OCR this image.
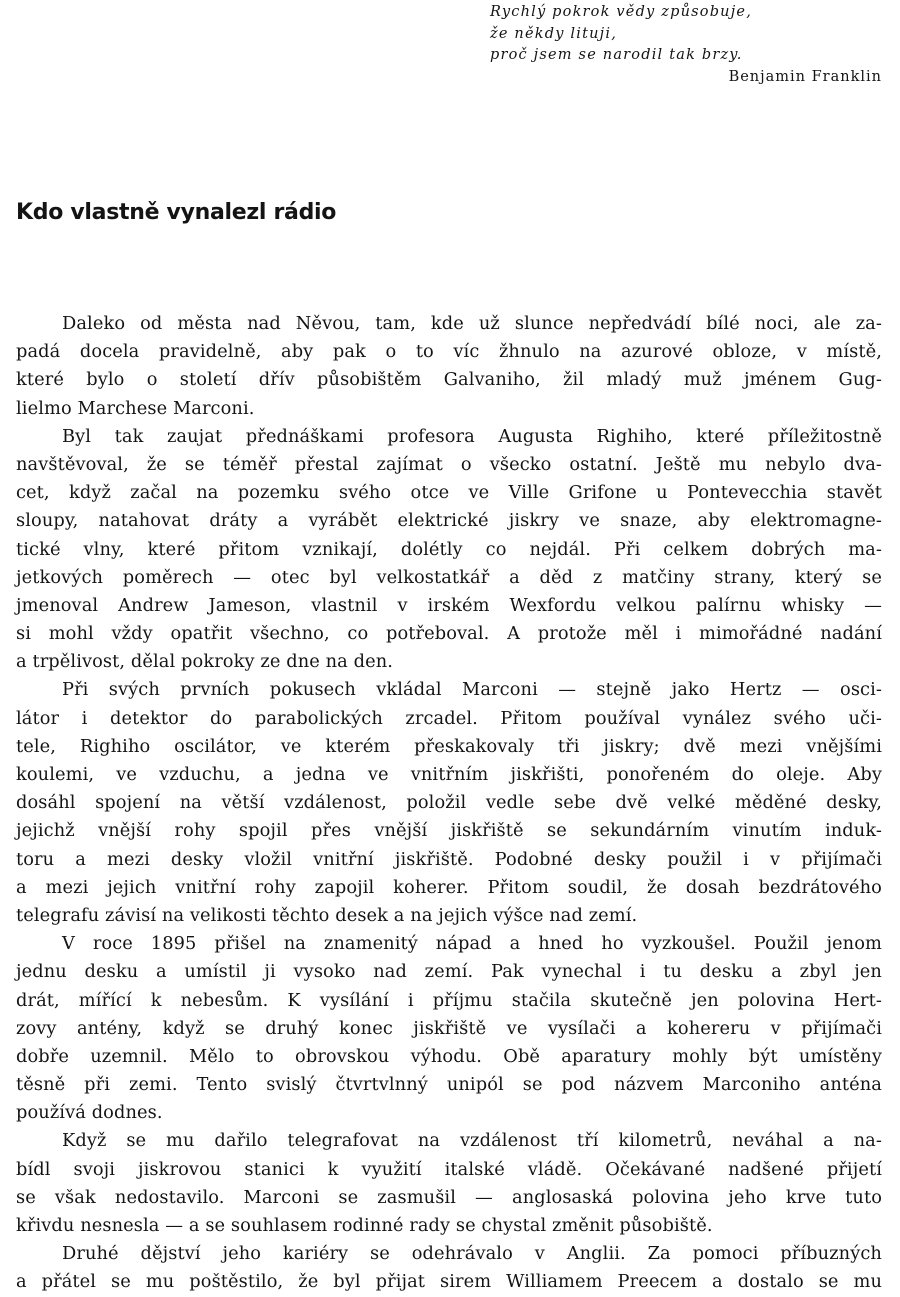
Rychlý pokrok vědy způsobuje,
že někdy lituji,
proč jsem se narodil tak brzy.
Benjamin Franklin
Kdo vlastně vynalezl rádio
Daleko od města nad Něvou, tam, kde už slunce nepředvádí bílé noci, ale za-
padá docela pravidelně, aby pak o to víc žhnulo na azurové obloze, v místě,
které bylo o století dřív působištěm Galvaniho, žil mladý muž jménem Gug-
lielmo Marchese Marconi.
Byl tak zaujat přednáškami profesora Augusta Righiho, které příležitostně
navštěvoval, že se téměř přestal zajímat o všecko ostatní. Ještě mu nebylo dva-
cet, když začal na pozemku svého otce ve Ville Grifone u Pontevecchia stavět
sloupy, natahovat dráty a vyrábět elektrické jiskry ve snaze, aby elektromagne-
tické vlny, které přitom vznikají, dolétly co nejdál. Při celkem dobrých ma-
jetkových poměrech — otec byl velkostatkář a děd z matčiny strany, který se
jmenoval Andrew Jameson, vlastnil v irském Wexfordu velkou palírnu whisky —
si mohl vždy opatřit všechno, co potřeboval. A protože měl i mimořádné nadání
a trpělivost, dělal pokroky ze dne na den.
Při svých prvních pokusech vkládal Marconi — stejně jako Hertz — osci-
látor i detektor do parabolických zrcadel. Přitom používal vynález svého uči-
tele, Righiho oscilátor, ve kterém přeskakovaly tři jiskry; dvě mezi vnějšími
koulemi, ve vzduchu, a jedna ve vnitřním jiskřišti, ponořeném do oleje. Aby
dosáhl spojení na větší vzdálenost, položil vedle sebe dvě velké měděné desky,
jejichž vnější rohy spojil přes vnější jiskřiště se sekundárním vinutím induk-
toru a mezi desky vložil vnitřní jiskřiště. Podobné desky použil i v přijímači
a mezi jejich vnitřní rohy zapojil koherer. Přitom soudil, že dosah bezdrátového
telegrafu závisí na velikosti těchto desek a na jejich výšce nad zemí.
V roce 1895 přišel na znamenitý nápad a hned ho vyzkoušel. Použil jenom
jednu desku a umístil ji vysoko nad zemí. Pak vynechal i tu desku a zbyl jen
drát, mířící k nebesům. K vysílání i příjmu stačila skutečně jen polovina Hert-
zovy antény, když se druhý konec jiskřiště ve vysílači a kohereru v přijímači
dobře uzemnil. Mělo to obrovskou výhodu. Obě aparatury mohly být umístěny
těsně při zemi. Tento svislý čtvrtvlnný unipól se pod názvem Marconiho anténa
používá dodnes.
Když se mu dařilo telegrafovat na vzdálenost tří kilometrů, neváhal a na-
bídl svoji jiskrovou stanici k využití italské vládě. Očekávané nadšené přijetí
se však nedostavilo. Marconi se zasmušil — anglosaská polovina jeho krve tuto
křivdu nesnesla — a se souhlasem rodinné rady se chystal změnit působiště.
Druhé dějství jeho kariéry se odehrávalo v Anglii. Za pomoci příbuzných
a přátel se mu poštěstilo, že byl přijat sirem Williamem Preecem a dostalo se mu
